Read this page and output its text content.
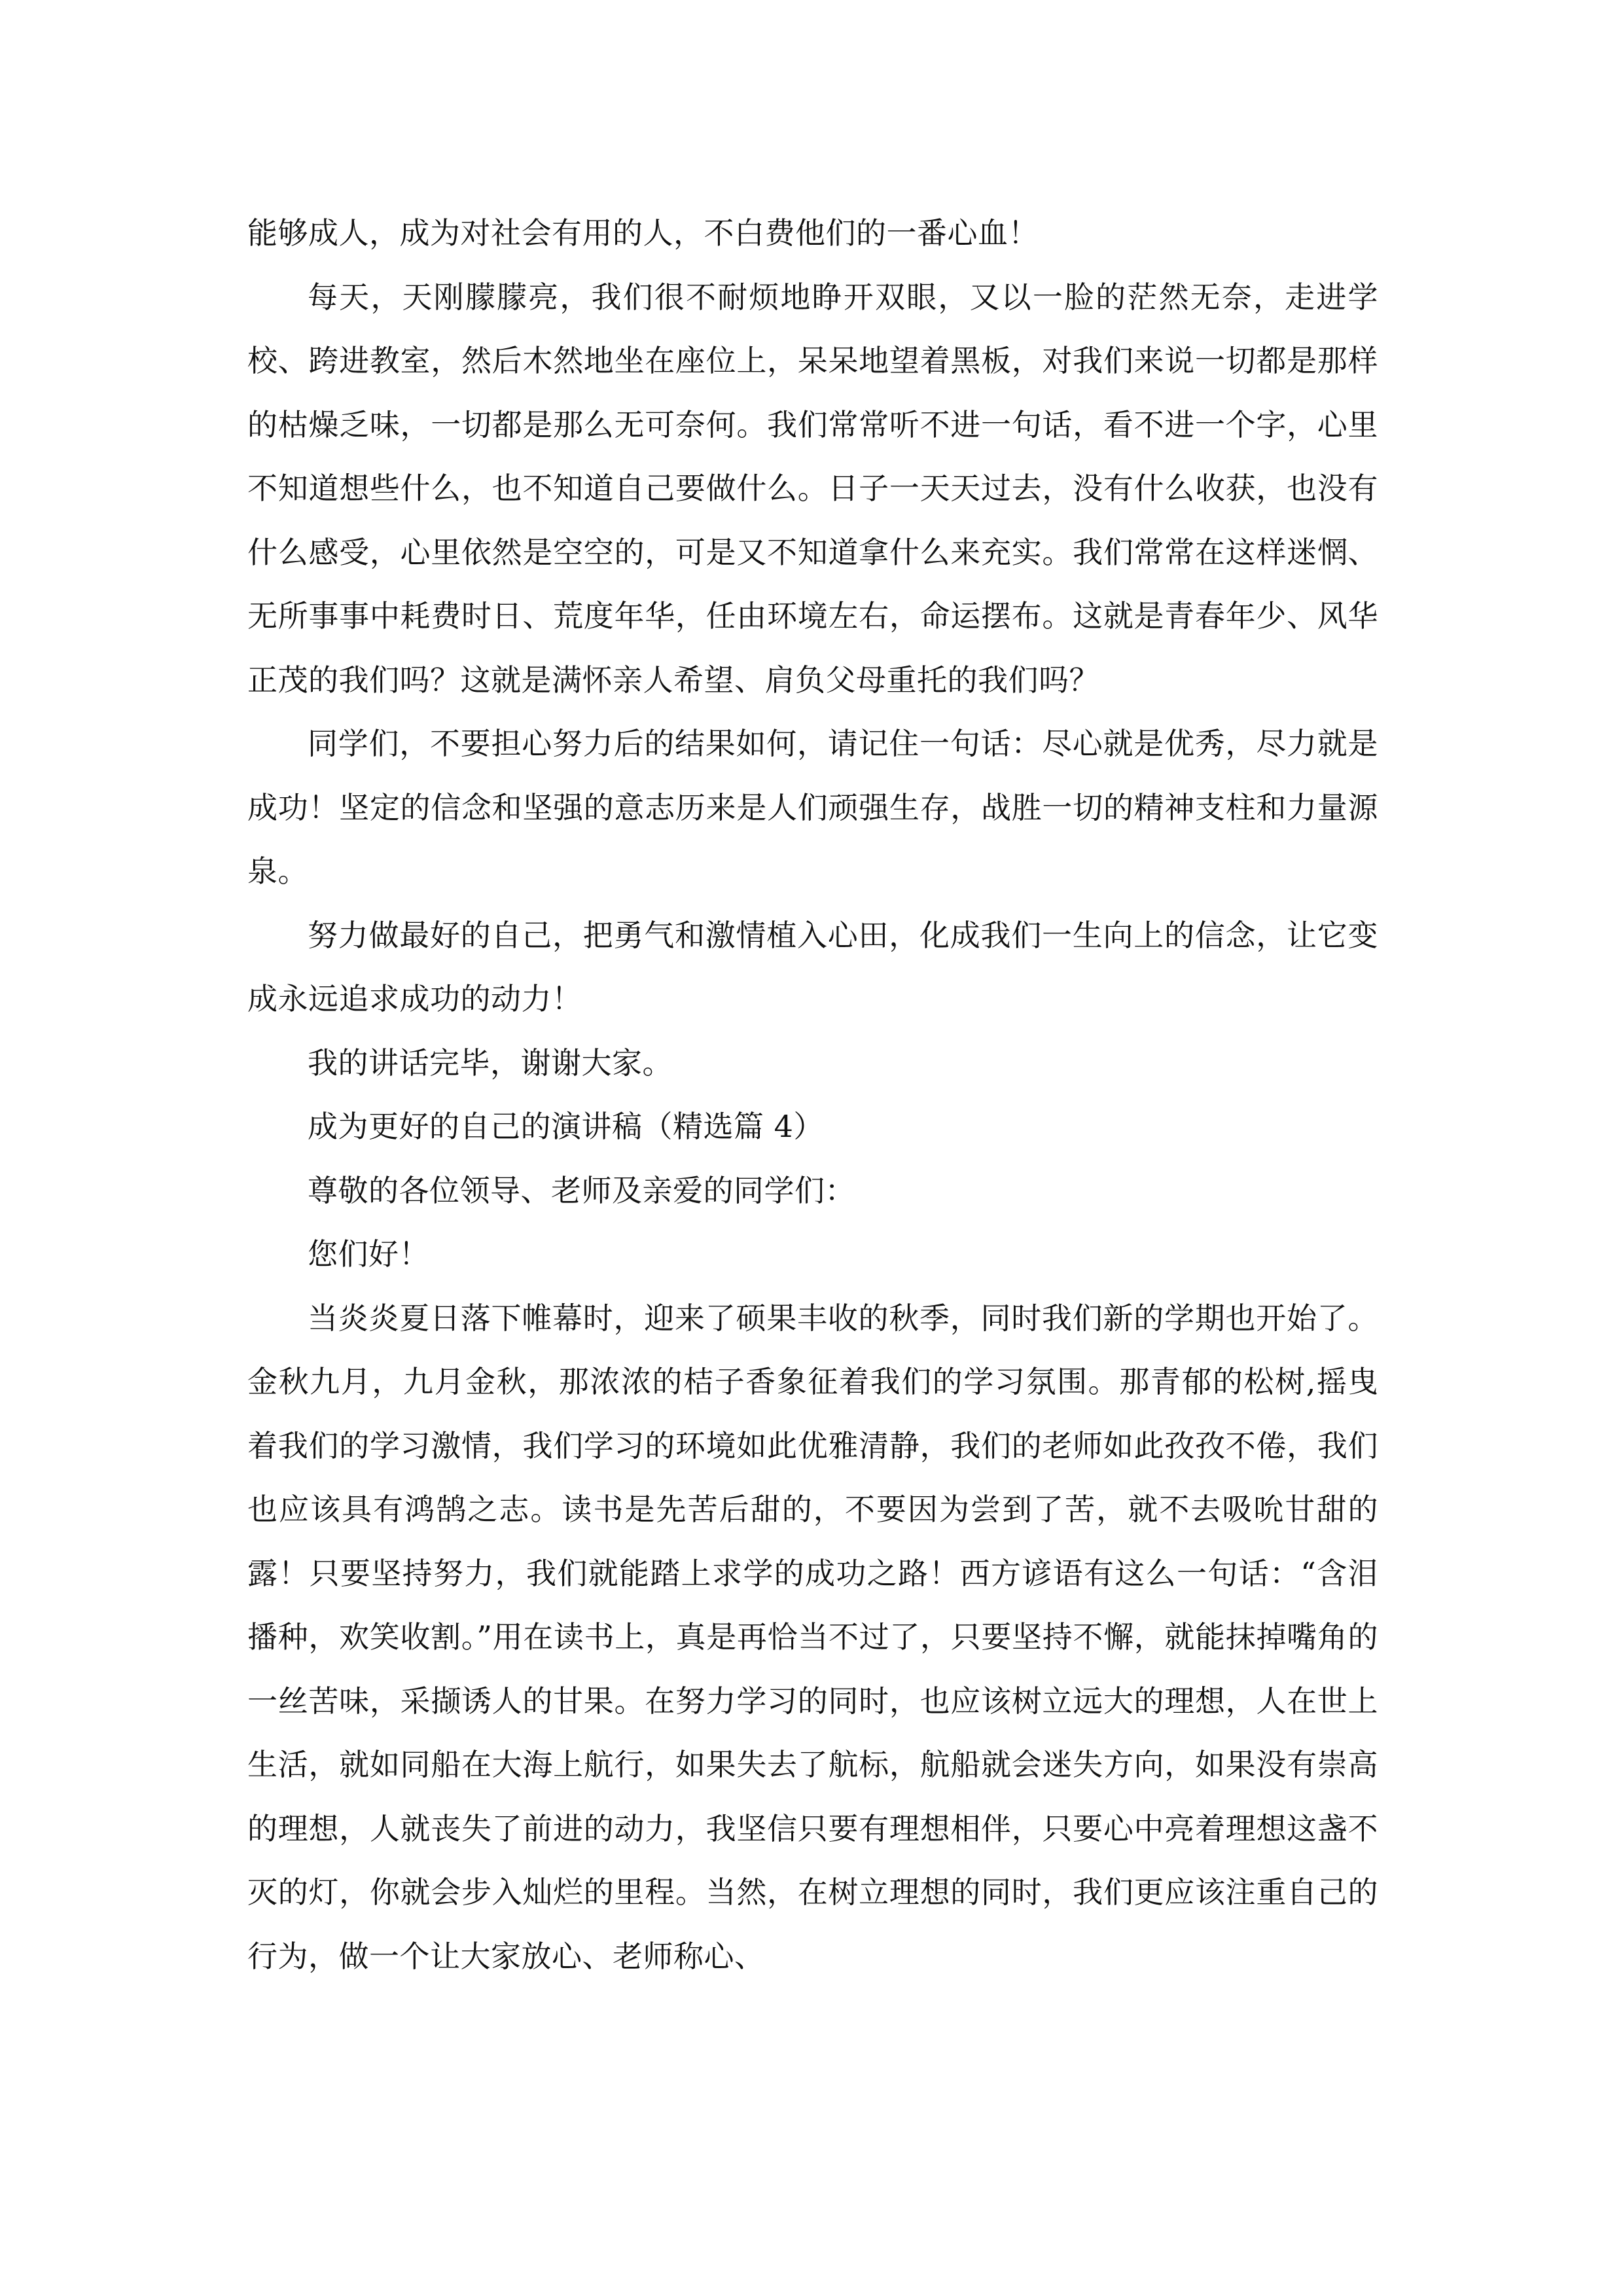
能够成人，成为对社会有用的人，不白费他们的一番心血！

每天，天刚朦朦亮，我们很不耐烦地睁开双眼，又以一脸的茫然无奈，走进学校、跨进教室，然后木然地坐在座位上，呆呆地望着黑板，对我们来说一切都是那样的枯燥乏味，一切都是那么无可奈何。我们常常听不进一句话，看不进一个字，心里不知道想些什么，也不知道自己要做什么。日子一天天过去，没有什么收获，也没有什么感受，心里依然是空空的，可是又不知道拿什么来充实。我们常常在这样迷惘、无所事事中耗费时日、荒度年华，任由环境左右，命运摆布。这就是青春年少、风华正茂的我们吗？这就是满怀亲人希望、肩负父母重托的我们吗？

同学们，不要担心努力后的结果如何，请记住一句话：尽心就是优秀，尽力就是成功！坚定的信念和坚强的意志历来是人们顽强生存，战胜一切的精神支柱和力量源泉。

努力做最好的自己，把勇气和激情植入心田，化成我们一生向上的信念，让它变成永远追求成功的动力！

我的讲话完毕，谢谢大家。

成为更好的自己的演讲稿（精选篇 4）

尊敬的各位领导、老师及亲爱的同学们：

您们好！

当炎炎夏日落下帷幕时，迎来了硕果丰收的秋季，同时我们新的学期也开始了。金秋九月，九月金秋，那浓浓的桔子香象征着我们的学习氛围。那青郁的松树,摇曳着我们的学习激情，我们学习的环境如此优雅清静，我们的老师如此孜孜不倦，我们也应该具有鸿鹄之志。读书是先苦后甜的，不要因为尝到了苦，就不去吸吮甘甜的露！只要坚持努力，我们就能踏上求学的成功之路！西方谚语有这么一句话：“含泪播种，欢笑收割。”用在读书上，真是再恰当不过了，只要坚持不懈，就能抹掉嘴角的一丝苦味，采撷诱人的甘果。在努力学习的同时，也应该树立远大的理想，人在世上生活，就如同船在大海上航行，如果失去了航标，航船就会迷失方向，如果没有崇高的理想，人就丧失了前进的动力，我坚信只要有理想相伴，只要心中亮着理想这盏不灭的灯，你就会步入灿烂的里程。当然，在树立理想的同时，我们更应该注重自己的行为，做一个让大家放心、老师称心、
